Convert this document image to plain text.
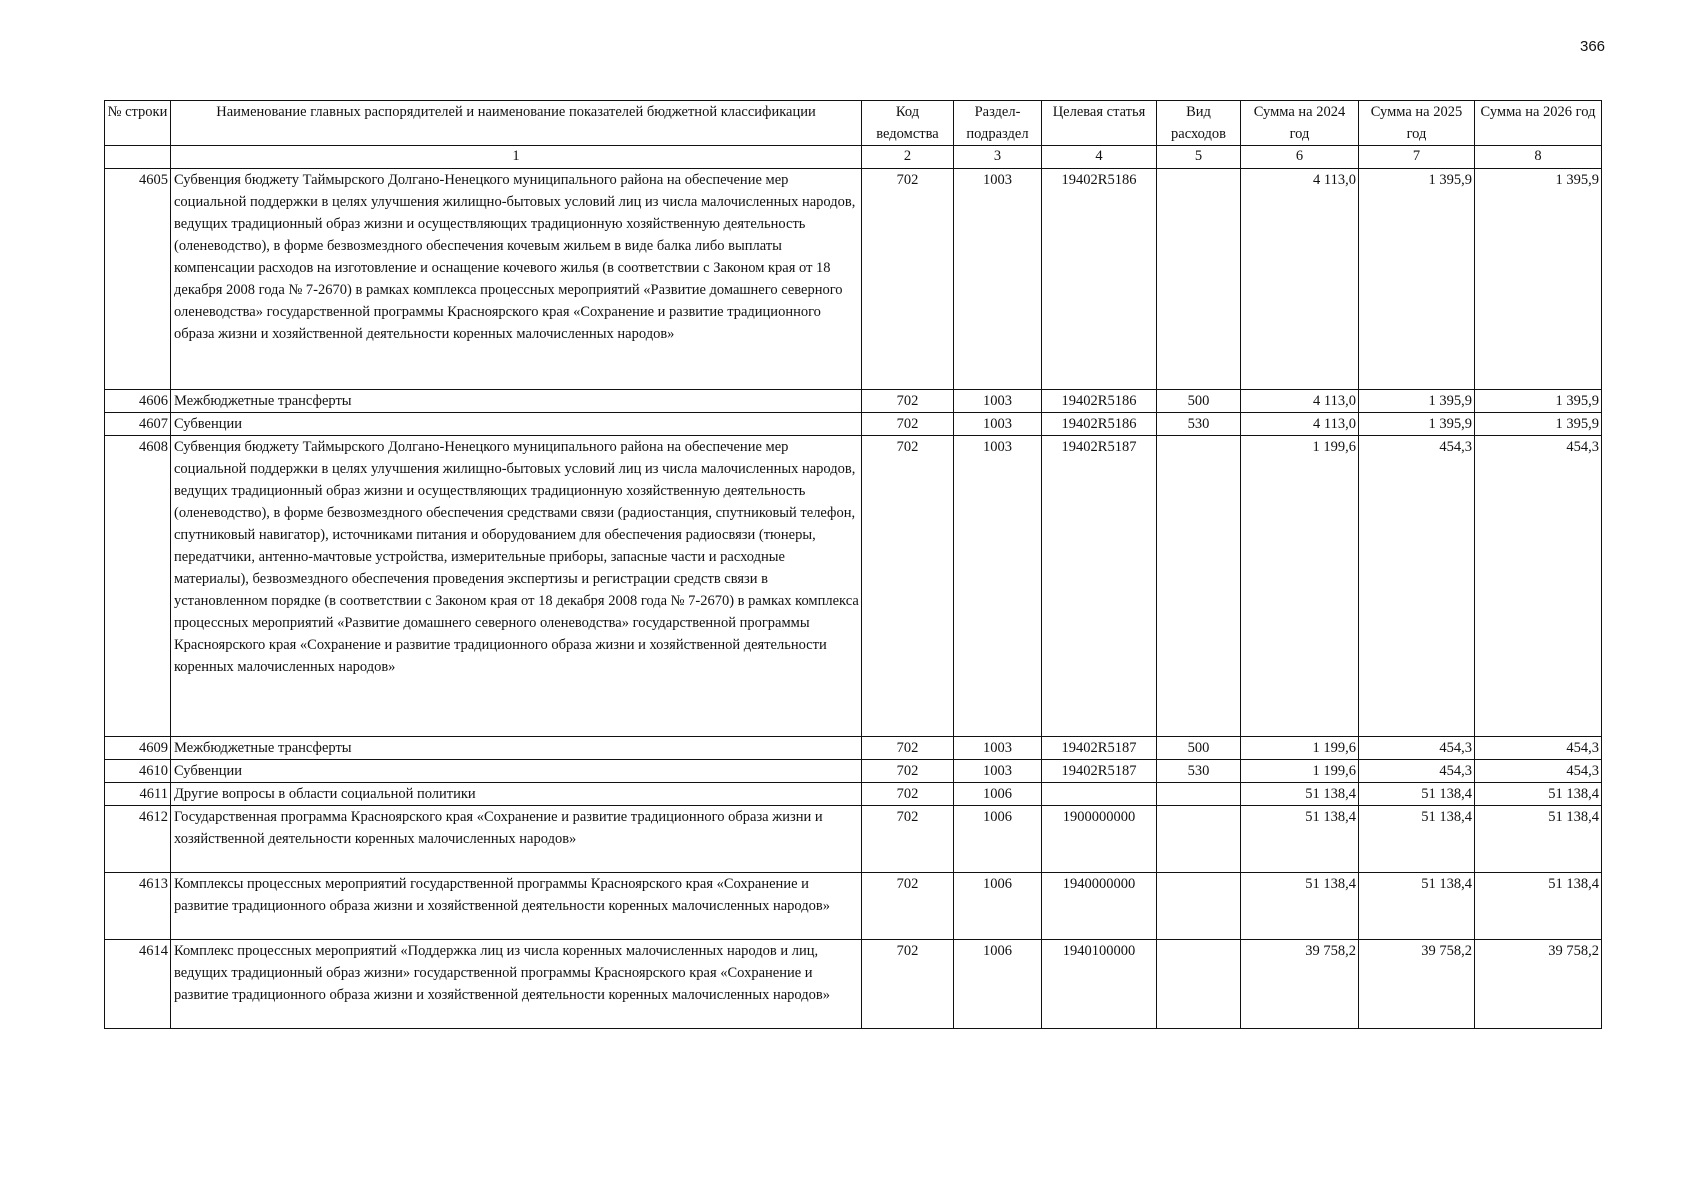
366
№ строки	Наименование главных распорядителей и наименование показателей бюджетной классификации	Код ведомства	Раздел-подраздел	Целевая статья	Вид расходов	Сумма на 2024 год	Сумма на 2025 год	Сумма на 2026 год
	1	2	3	4	5	6	7	8
4605	Субвенция бюджету Таймырского Долгано-Ненецкого муниципального района на обеспечение мер социальной поддержки в целях улучшения жилищно-бытовых условий лиц из числа малочисленных народов, ведущих традиционный образ жизни и осуществляющих традиционную хозяйственную деятельность (оленеводство), в форме безвозмездного обеспечения кочевым жильем в виде балка либо выплаты компенсации расходов на изготовление и оснащение кочевого жилья (в соответствии с Законом края от 18 декабря 2008 года № 7-2670) в рамках комплекса процессных мероприятий «Развитие домашнего северного оленеводства» государственной программы Красноярского края «Сохранение и развитие традиционного образа жизни и хозяйственной деятельности коренных малочисленных народов»	702	1003	19402R5186		4 113,0	1 395,9	1 395,9
4606	Межбюджетные трансферты	702	1003	19402R5186	500	4 113,0	1 395,9	1 395,9
4607	Субвенции	702	1003	19402R5186	530	4 113,0	1 395,9	1 395,9
4608	Субвенция бюджету Таймырского Долгано-Ненецкого муниципального района на обеспечение мер социальной поддержки в целях улучшения жилищно-бытовых условий лиц из числа малочисленных народов, ведущих традиционный образ жизни и осуществляющих традиционную хозяйственную деятельность (оленеводство), в форме безвозмездного обеспечения средствами связи (радиостанция, спутниковый телефон, спутниковый навигатор), источниками питания и оборудованием для обеспечения радиосвязи (тюнеры, передатчики, антенно-мачтовые устройства, измерительные приборы, запасные части и расходные материалы), безвозмездного обеспечения проведения экспертизы и регистрации средств связи в установленном порядке (в соответствии с Законом края от 18 декабря 2008 года № 7-2670) в рамках комплекса процессных мероприятий «Развитие домашнего северного оленеводства» государственной программы Красноярского края «Сохранение и развитие традиционного образа жизни и хозяйственной деятельности коренных малочисленных народов»	702	1003	19402R5187		1 199,6	454,3	454,3
4609	Межбюджетные трансферты	702	1003	19402R5187	500	1 199,6	454,3	454,3
4610	Субвенции	702	1003	19402R5187	530	1 199,6	454,3	454,3
4611	Другие вопросы в области социальной политики	702	1006			51 138,4	51 138,4	51 138,4
4612	Государственная программа Красноярского края «Сохранение и развитие традиционного образа жизни и хозяйственной деятельности коренных малочисленных народов»	702	1006	1900000000		51 138,4	51 138,4	51 138,4
4613	Комплексы процессных мероприятий государственной программы Красноярского края «Сохранение и развитие традиционного образа жизни и хозяйственной деятельности коренных малочисленных народов»	702	1006	1940000000		51 138,4	51 138,4	51 138,4
4614	Комплекс процессных мероприятий «Поддержка лиц из числа коренных малочисленных народов и лиц, ведущих традиционный образ жизни» государственной программы Красноярского края «Сохранение и развитие традиционного образа жизни и хозяйственной деятельности коренных малочисленных народов»	702	1006	1940100000		39 758,2	39 758,2	39 758,2
